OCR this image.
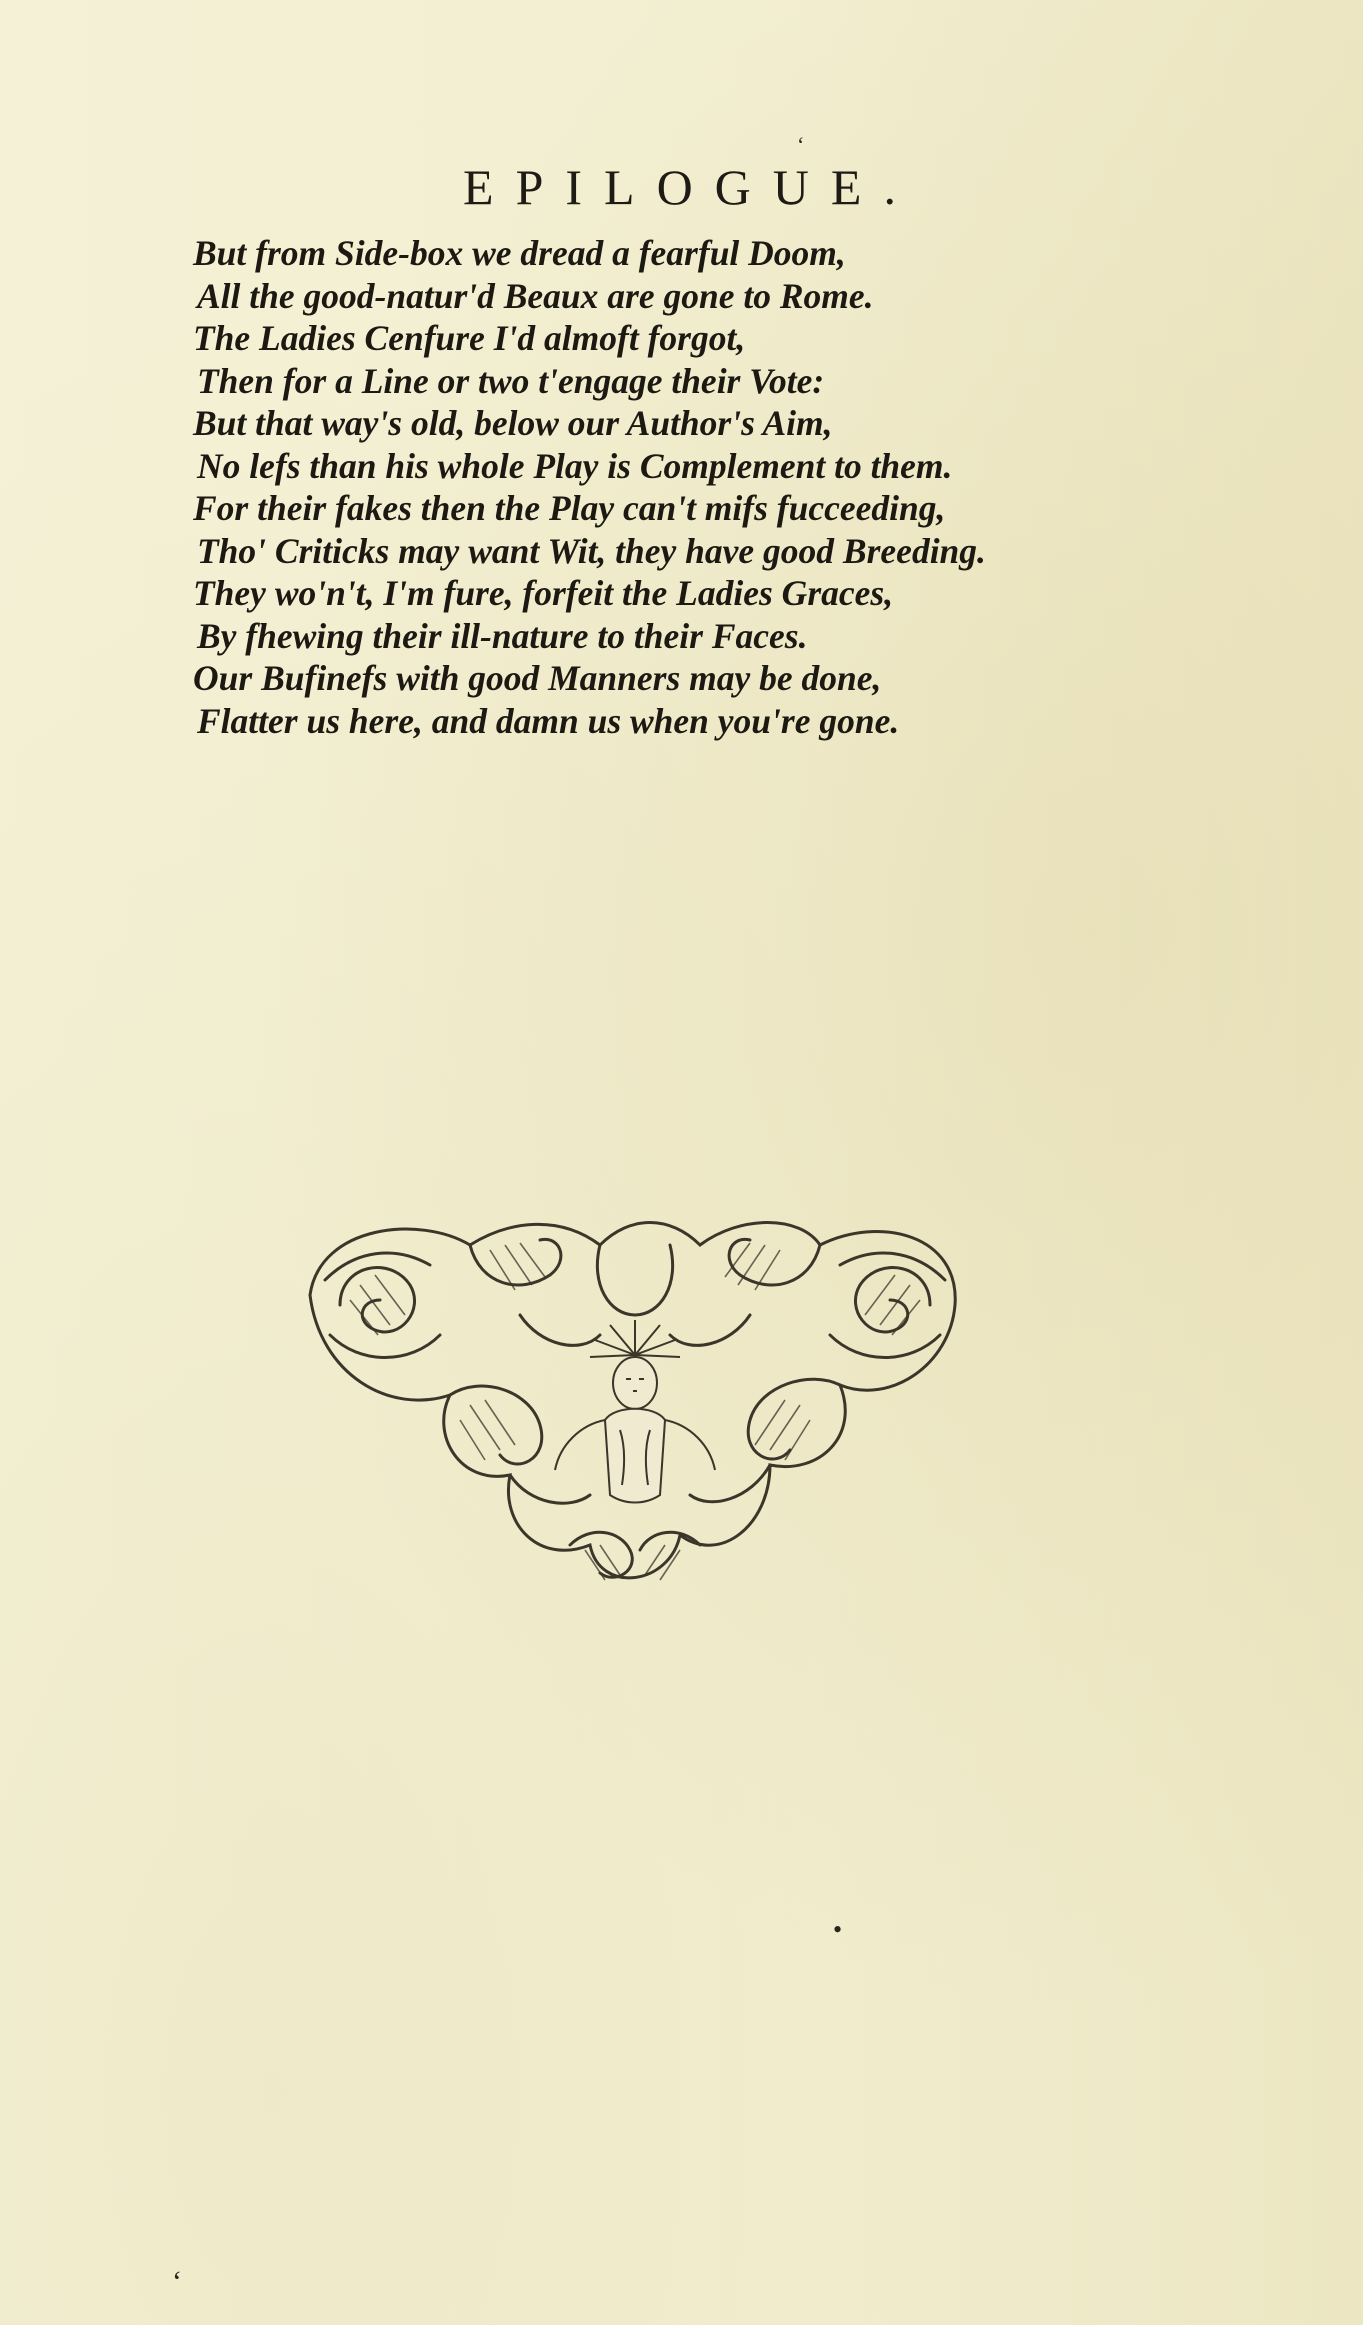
EPILOGUE.
But from Side-box we dread a fearful Doom,
All the good-natur'd Beaux are gone to Rome.
The Ladies Cenfure I'd almoft forgot,
Then for a Line or two t'engage their Vote:
But that way's old, below our Author's Aim,
No lefs than his whole Play is Complement to them.
For their fakes then the Play can't mifs fucceeding,
Tho' Criticks may want Wit, they have good Breeding.
They wo'n't, I'm fure, forfeit the Ladies Graces,
By fhewing their ill-nature to their Faces.
Our Bufinefs with good Manners may be done,
Flatter us here, and damn us when you're gone.
‘
‘
•
